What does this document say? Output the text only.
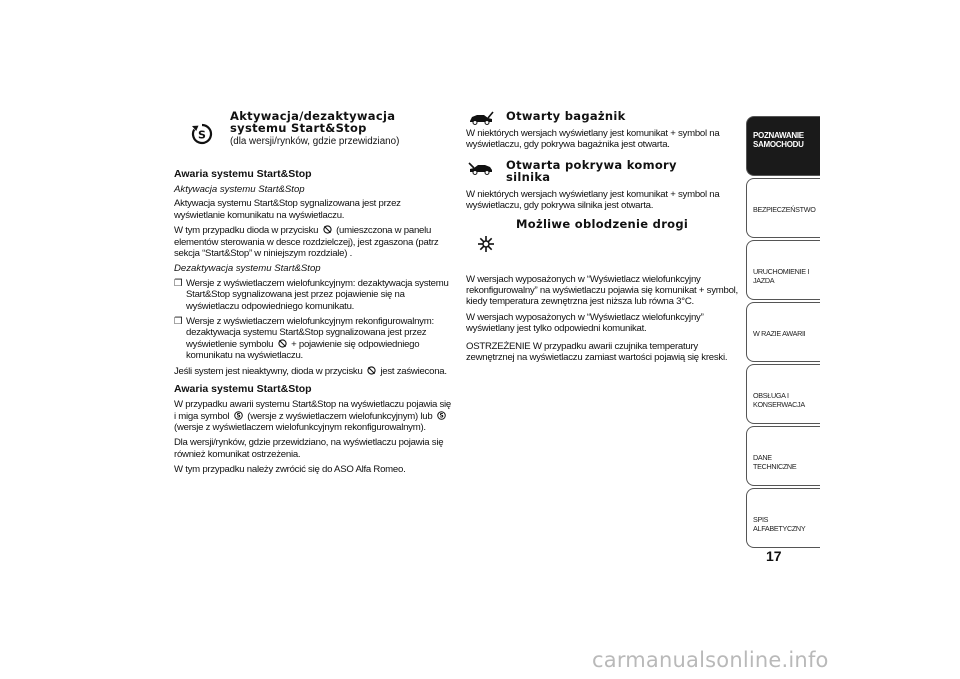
S
Aktywacja/dezaktywacja
systemu Start&Stop
(dla wersji/rynków, gdzie przewidziano)
Awaria systemu Start&Stop
Aktywacja systemu Start&Stop

Aktywacja systemu Start&Stop sygnalizowana jest przez wyświetlanie komunikatu na wyświetlaczu.

W tym przypadku dioda w przycisku (umieszczona w panelu elementów sterowania w desce rozdzielczej), jest zgaszona (patrz sekcja “Start&Stop” w niniejszym rozdziale) .

Dezaktywacja systemu Start&Stop
❒ Wersje z wyświetlaczem wielofunkcyjnym: dezaktywacja systemu Start&Stop sygnalizowana jest przez pojawienie się na wyświetlaczu odpowiedniego komunikatu.
❒ Wersje z wyświetlaczem wielofunkcyjnym rekonfigurowalnym: dezaktywacja systemu Start&Stop sygnalizowana jest przez wyświetlenie symbolu + pojawienie się odpowiedniego komunikatu na wyświetlaczu.

Jeśli system jest nieaktywny, dioda w przycisku jest zaświecona.

Awaria systemu Start&Stop

W przypadku awarii systemu Start&Stop na wyświetlaczu pojawia się i miga symbol S (wersje z wyświetlaczem wielofunkcyjnym) lub S
(wersje z wyświetlaczem wielofunkcyjnym rekonfigurowalnym).

Dla wersji/rynków, gdzie przewidziano, na wyświetlaczu pojawia się również komunikat ostrzeżenia.

W tym przypadku należy zwrócić się do ASO Alfa Romeo.

Otwarty bagażnik

W niektórych wersjach wyświetlany jest komunikat + symbol na wyświetlaczu, gdy pokrywa bagażnika jest otwarta.

Otwarta pokrywa komory
silnika

W niektórych wersjach wyświetlany jest komunikat + symbol na wyświetlaczu, gdy pokrywa silnika jest otwarta.

Możliwe oblodzenie drogi

W wersjach wyposażonych w “Wyświetlacz wielofunkcyjny rekonfigurowalny” na wyświetlaczu pojawia się komunikat + symbol, kiedy temperatura zewnętrzna jest niższa lub równa 3°C.

W wersjach wyposażonych w “Wyświetlacz wielofunkcyjny” wyświetlany jest tylko odpowiedni komunikat.

OSTRZEŻENIE W przypadku awarii czujnika temperatury zewnętrznej na wyświetlaczu zamiast wartości pojawią się kreski.

POZNAWANIE
SAMOCHODU
BEZPIECZEŃSTWO
URUCHOMIENIE I
JAZDA
W RAZIE AWARII
OBSŁUGA I
KONSERWACJA
DANE TECHNICZNE
SPIS ALFABETYCZNY
17
carmanualsonline.info
